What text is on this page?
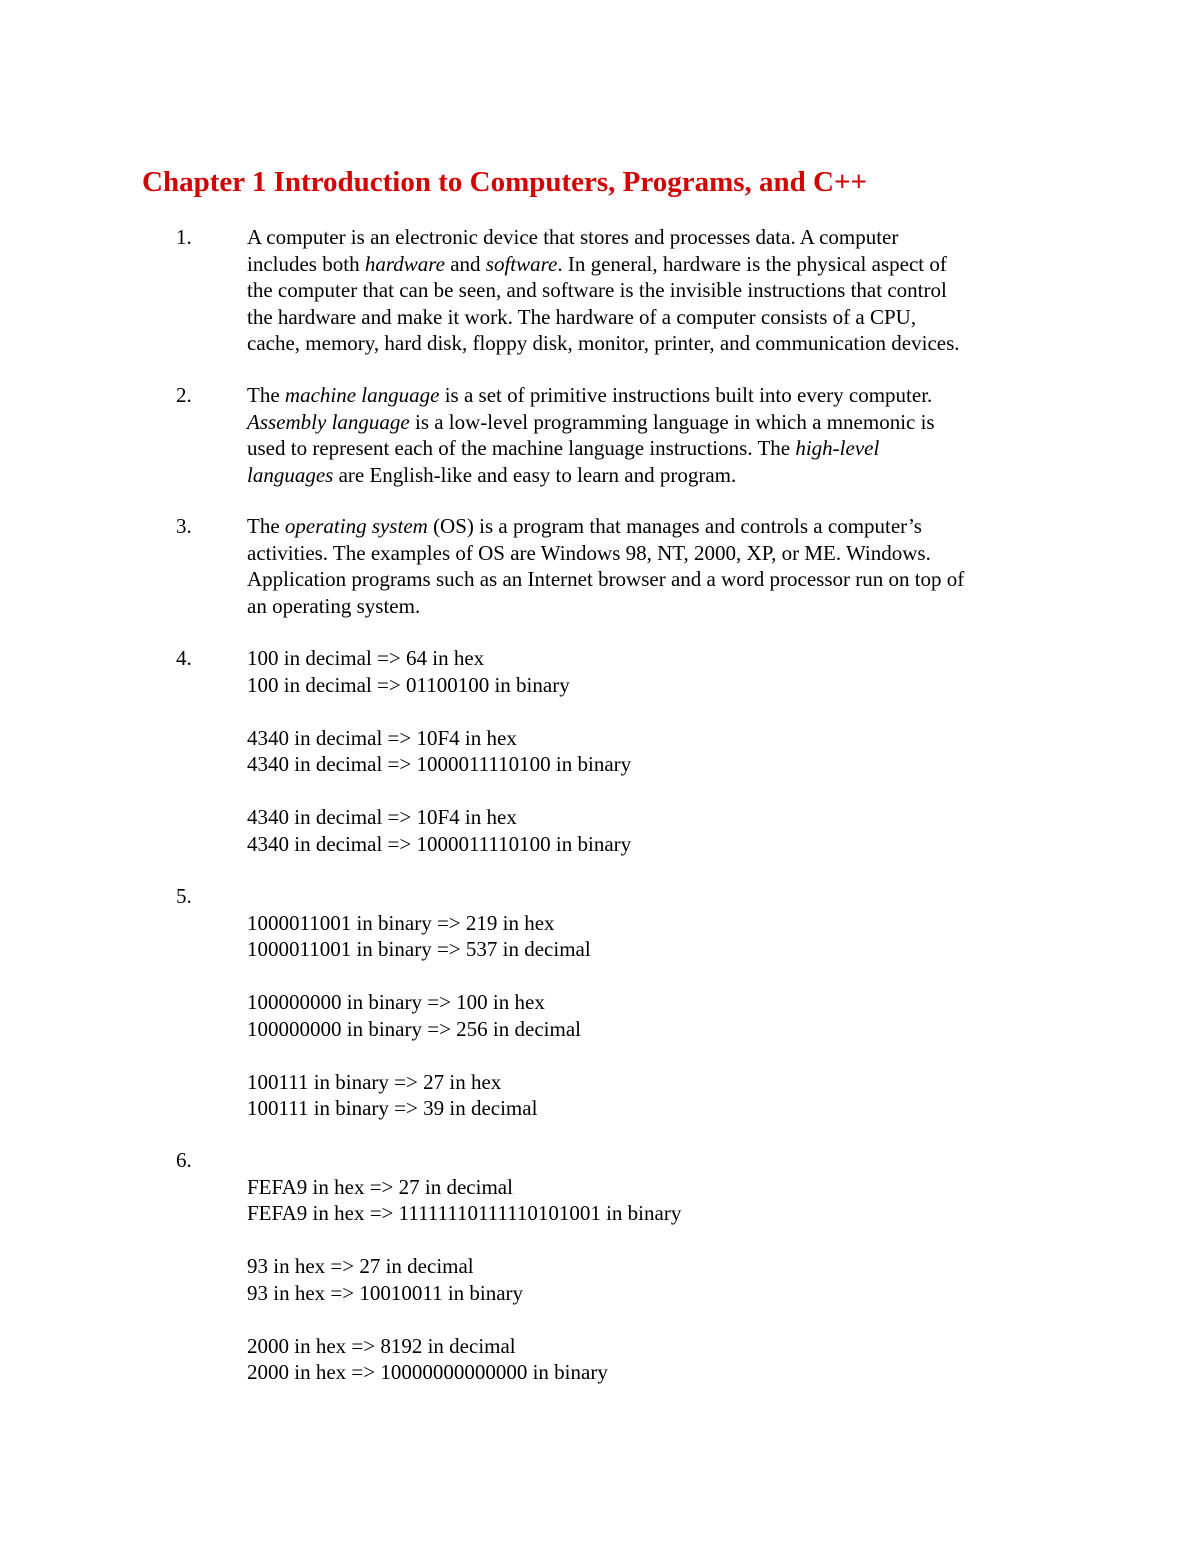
Chapter 1 Introduction to Computers, Programs, and C++
1.	A computer is an electronic device that stores and processes data. A computer
includes both hardware and software. In general, hardware is the physical aspect of
the computer that can be seen, and software is the invisible instructions that control
the hardware and make it work. The hardware of a computer consists of a CPU,
cache, memory, hard disk, floppy disk, monitor, printer, and communication devices.
2.	The machine language is a set of primitive instructions built into every computer.
Assembly language is a low-level programming language in which a mnemonic is
used to represent each of the machine language instructions. The high-level
languages are English-like and easy to learn and program.
3.	The operating system (OS) is a program that manages and controls a computer’s
activities. The examples of OS are Windows 98, NT, 2000, XP, or ME. Windows.
Application programs such as an Internet browser and a word processor run on top of
an operating system.
4.	100 in decimal => 64 in hex
100 in decimal => 01100100 in binary
4340 in decimal => 10F4 in hex
4340 in decimal => 1000011110100 in binary
4340 in decimal => 10F4 in hex
4340 in decimal => 1000011110100 in binary
5.
1000011001 in binary => 219 in hex
1000011001 in binary => 537 in decimal
100000000 in binary => 100 in hex
100000000 in binary => 256 in decimal
100111 in binary => 27 in hex
100111 in binary => 39 in decimal
6.
FEFA9 in hex => 27 in decimal
FEFA9 in hex => 11111110111110101001 in binary
93 in hex => 27 in decimal
93 in hex => 10010011 in binary
2000 in hex => 8192 in decimal
2000 in hex => 10000000000000 in binary
